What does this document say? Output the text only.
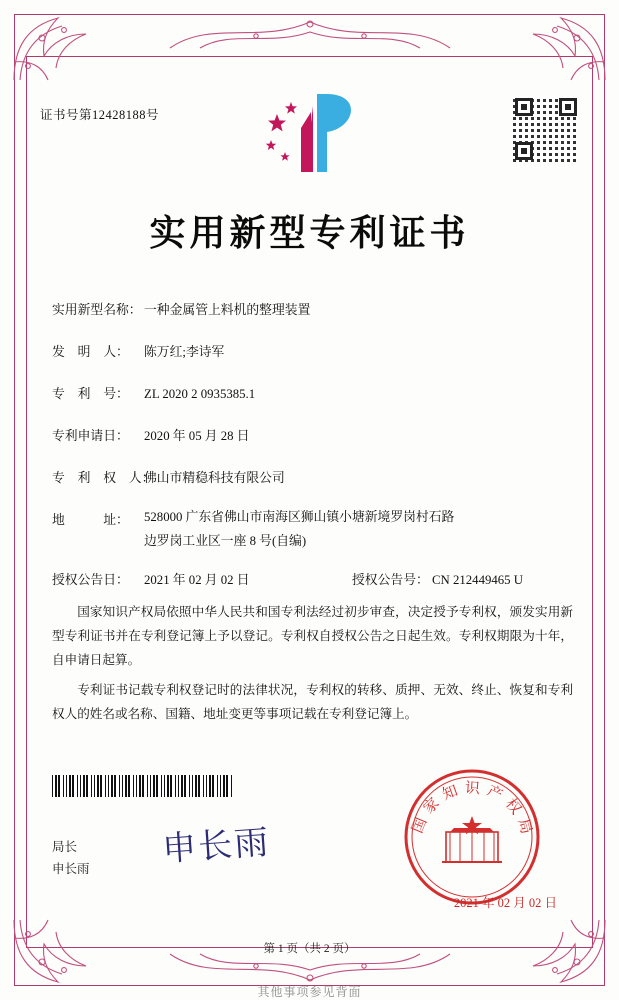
证书号第12428188号
实用新型专利证书
实用新型名称： 一种金属管上料机的整理装置
发　明　人：	陈万红;李诗军
专　利　号：	ZL 2020 2 0935385.1
专利申请日：	2020 年 05 月 28 日
专　利　权　人：
佛山市精稳科技有限公司
地　　　址：	528000 广东省佛山市南海区狮山镇小塘新境罗岗村石路
边罗岗工业区一座 8 号(自编)
授权公告日：	2021 年 02 月 02 日	授权公告号： CN 212449465 U

国家知识产权局依照中华人民共和国专利法经过初步审查，决定授予专利权，颁发实用新型专利证书并在专利登记簿上予以登记。专利权自授权公告之日起生效。专利权期限为十年，自申请日起算。

专利证书记载专利权登记时的法律状况，专利权的转移、质押、无效、终止、恢复和专利权人的姓名或名称、国籍、地址变更等事项记载在专利登记簿上。

局长
申长雨 申长雨	国家知识产权局
2021 年 02 月 02 日
第 1 页（共 2 页）
其他事项参见背面
